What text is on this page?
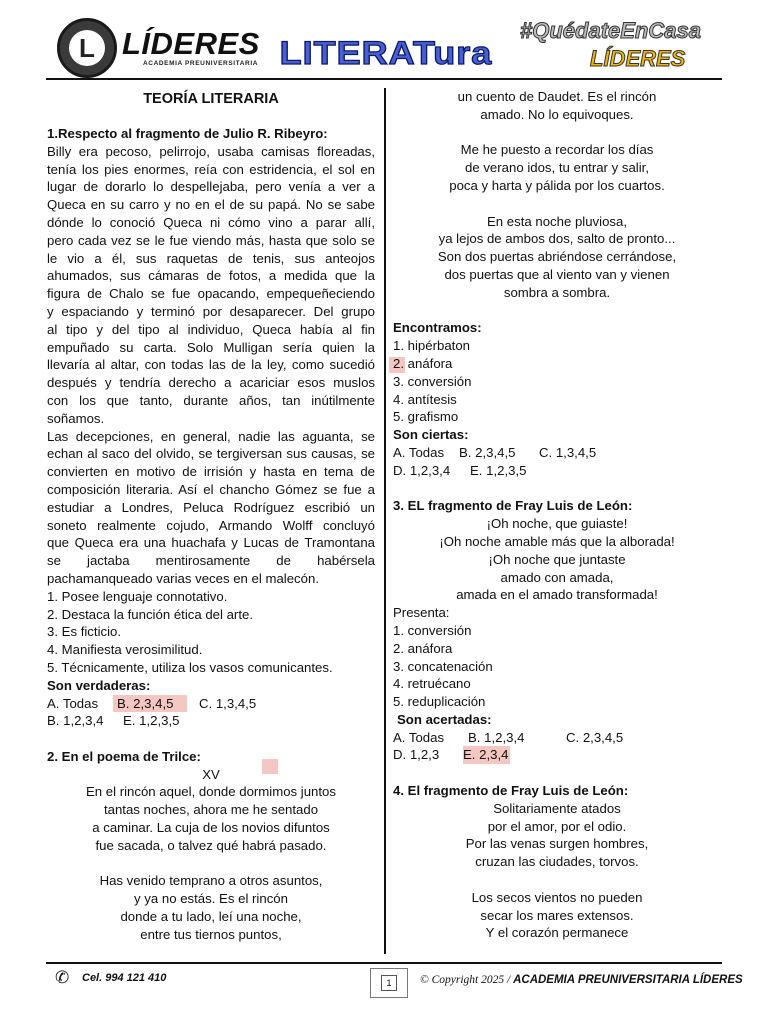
L LÍDERES
ACADEMIA PREUNIVERSITARIA LITERATura
#QuédateEnCasa
LÍDERES
TEORÍA LITERARIA
1.Respecto al fragmento de Julio R. Ribeyro:
Billy era pecoso, pelirrojo, usaba camisas floreadas,
tenía los pies enormes, reía con estridencia, el sol en
lugar de dorarlo lo despellejaba, pero venía a ver a
Queca en su carro y no en el de su papá. No se sabe
dónde lo conoció Queca ni cómo vino a parar allí,
pero cada vez se le fue viendo más, hasta que solo se
le vio a él, sus raquetas de tenis, sus anteojos
ahumados, sus cámaras de fotos, a medida que la
figura de Chalo se fue opacando, empequeñeciendo
y espaciando y terminó por desaparecer. Del grupo
al tipo y del tipo al individuo, Queca había al fin
empuñado su carta. Solo Mulligan sería quien la
llevaría al altar, con todas las de la ley, como sucedió
después y tendría derecho a acariciar esos muslos
con los que tanto, durante años, tan inútilmente
soñamos.
Las decepciones, en general, nadie las aguanta, se
echan al saco del olvido, se tergiversan sus causas, se
convierten en motivo de irrisión y hasta en tema de
composición literaria. Así el chancho Gómez se fue a
estudiar a Londres, Peluca Rodríguez escribió un
soneto realmente cojudo, Armando Wolff concluyó
que Queca era una huachafa y Lucas de Tramontana
se jactaba mentirosamente de habérsela
pachamanqueado varias veces en el malecón.
1. Posee lenguaje connotativo.
2. Destaca la función ética del arte.
3. Es ficticio.
4. Manifiesta verosimilitud.
5. Técnicamente, utiliza los vasos comunicantes.
Son verdaderas:
A. Todas B. 2,3,4,5 C. 1,3,4,5
B. 1,2,3,4 E. 1,2,3,5
2. En el poema de Trilce:
XV
En el rincón aquel, donde dormimos juntos
tantas noches, ahora me he sentado
a caminar. La cuja de los novios difuntos
fue sacada, o talvez qué habrá pasado.
Has venido temprano a otros asuntos,
y ya no estás. Es el rincón
donde a tu lado, leí una noche,
entre tus tiernos puntos,
un cuento de Daudet. Es el rincón
amado. No lo equivoques.
Me he puesto a recordar los días
de verano idos, tu entrar y salir,
poca y harta y pálida por los cuartos.
En esta noche pluviosa,
ya lejos de ambos dos, salto de pronto...
Son dos puertas abriéndose cerrándose,
dos puertas que al viento van y vienen
sombra a sombra.
Encontramos:
1. hipérbaton
2. anáfora
3. conversión
4. antítesis
5. grafismo
Son ciertas:
A. Todas B. 2,3,4,5 C. 1,3,4,5
D. 1,2,3,4 E. 1,2,3,5
3. EL fragmento de Fray Luis de León:
¡Oh noche, que guiaste!
¡Oh noche amable más que la alborada!
¡Oh noche que juntaste
amado con amada,
amada en el amado transformada!
Presenta:
1. conversión
2. anáfora
3. concatenación
4. retruécano
5. reduplicación
Son acertadas:
A. Todas B. 1,2,3,4	C. 2,3,4,5
D. 1,2,3 E. 2,3,4
4. El fragmento de Fray Luis de León:
Solitariamente atados
por el amor, por el odio.
Por las venas surgen hombres,
cruzan las ciudades, torvos.
Los secos vientos no pueden
secar los mares extensos.
Y el corazón permanece
✆	Cel. 994 121 410	1	© Copyright 2025 / ACADEMIA PREUNIVERSITARIA LÍDERES
